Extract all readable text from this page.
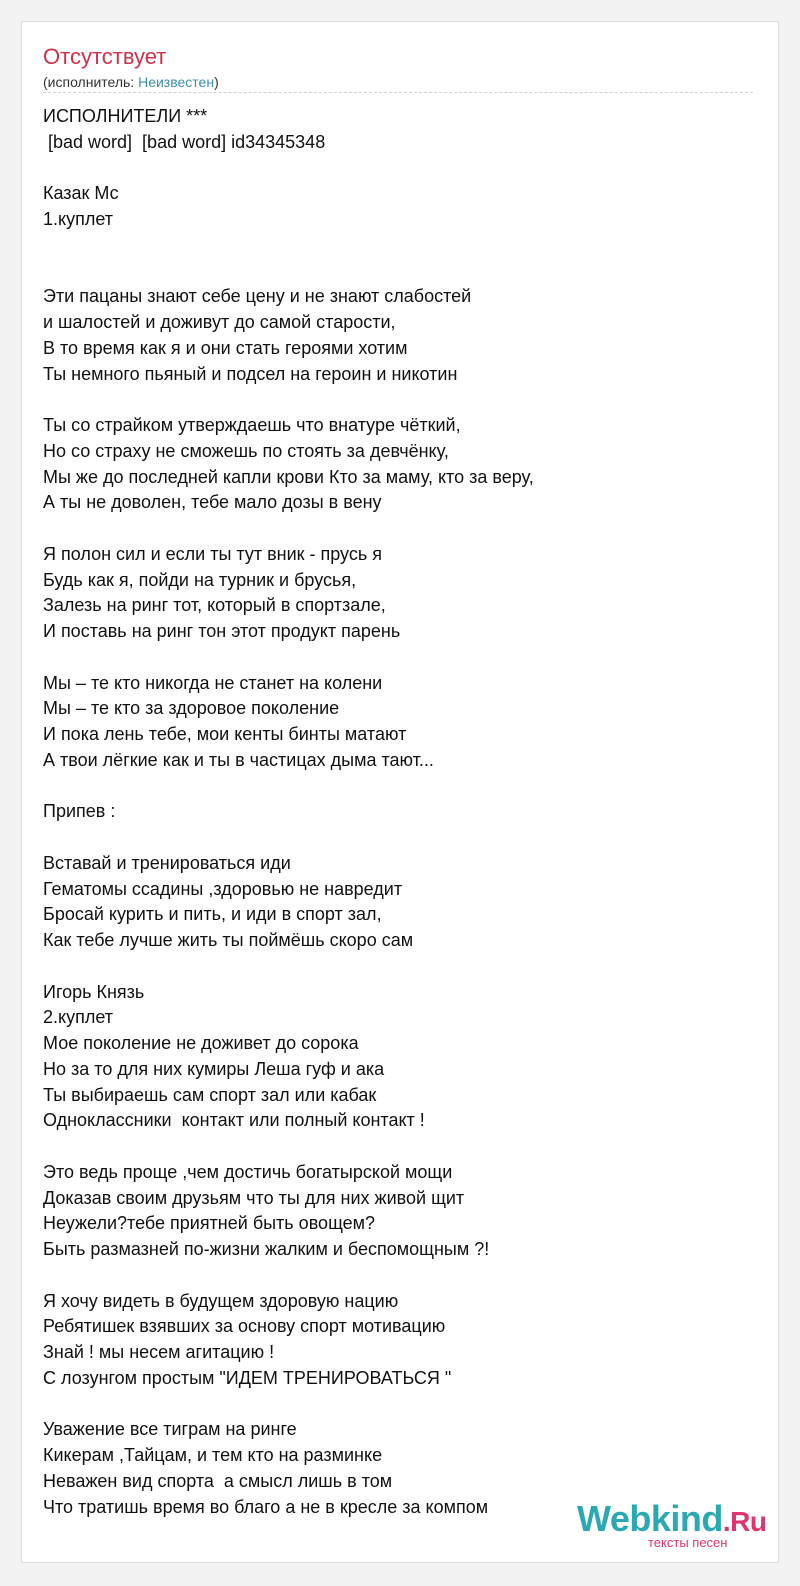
Отсутствует
(исполнитель: Неизвестен)
ИСПОЛНИТЕЛИ ***
[bad word]  [bad word] id34345348
Казак Мс
1.куплет
Эти пацаны знают себе цену и не знают слабостей
и шалостей и доживут до самой старости,
В то время как я и они стать героями хотим
Ты немного пьяный и подсел на героин и никотин
Ты со страйком утверждаешь что внатуре чёткий,
Но со страху не сможешь по стоять за девчёнку,
Мы же до последней капли крови Кто за маму, кто за веру,
А ты не доволен, тебе мало дозы в вену
Я полон сил и если ты тут вник - прусь я
Будь как я, пойди на турник и брусья,
Залезь на ринг тот, который в спортзале,
И поставь на ринг тон этот продукт парень
Мы – те кто никогда не станет на колени
Мы – те кто за здоровое поколение
И пока лень тебе, мои кенты бинты матают
А твои лёгкие как и ты в частицах дыма тают...
Припев :
Вставай и тренироваться иди
Гематомы ссадины ,здоровью не навредит
Бросай курить и пить, и иди в спорт зал,
Как тебе лучше жить ты поймёшь скоро сам
Игорь Князь
2.куплет
Мое поколение не доживет до сорока
Но за то для них кумиры Леша гуф и ака
Ты выбираешь сам спорт зал или кабак
Одноклассники  контакт или полный контакт !
Это ведь проще ,чем достичь богатырской мощи
Доказав своим друзьям что ты для них живой щит
Неужели?тебе приятней быть овощем?
Быть размазней по-жизни жалким и беспомощным ?!
Я хочу видеть в будущем здоровую нацию
Ребятишек взявших за основу спорт мотивацию
Знай ! мы несем агитацию !
С лозунгом простым "ИДЕМ ТРЕНИРОВАТЬСЯ "
Уважение все тиграм на ринге
Кикерам ,Тайцам, и тем кто на разминке
Неважен вид спорта  а смысл лишь в том
Что тратишь время во благо а не в кресле за компом	Webkind.Ru
тексты песен
